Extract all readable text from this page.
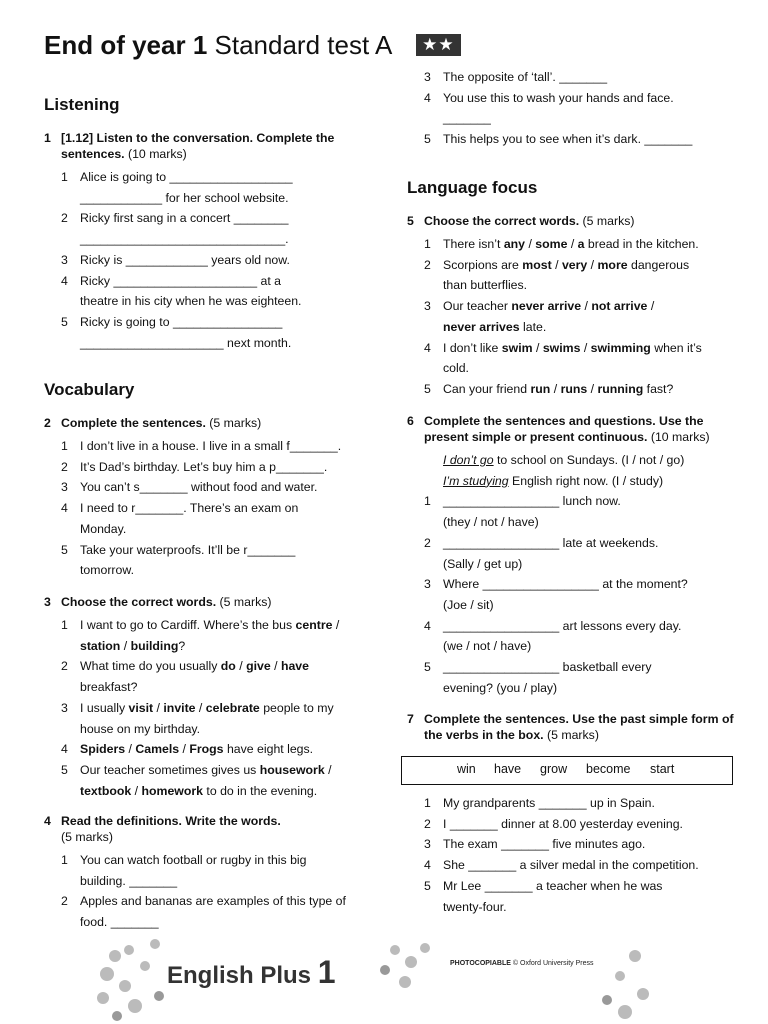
End of year 1 Standard test A ★★
Listening
1 [1.12] Listen to the conversation. Complete the sentences. (10 marks)
1 Alice is going to __________________
____________ for her school website.
2 Ricky first sang in a concert ________
______________________________.
3 Ricky is ____________ years old now.
4 Ricky _____________________ at a
theatre in his city when he was eighteen.
5 Ricky is going to ________________
_____________________ next month.
Vocabulary
2 Complete the sentences. (5 marks)
1 I don’t live in a house. I live in a small f_______.
2 It’s Dad’s birthday. Let’s buy him a p_______.
3 You can’t s_______ without food and water.
4 I need to r_______. There’s an exam on
Monday.
5 Take your waterproofs. It’ll be r_______
tomorrow.
3 Choose the correct words. (5 marks)
1 I want to go to Cardiff. Where’s the bus centre /
station / building?
2 What time do you usually do / give / have
breakfast?
3 I usually visit / invite / celebrate people to my
house on my birthday.
4 Spiders / Camels / Frogs have eight legs.
5 Our teacher sometimes gives us housework /
textbook / homework to do in the evening.
4 Read the definitions. Write the words.
(5 marks)
1 You can watch football or rugby in this big
building. _______
2 Apples and bananas are examples of this type of
food. _______
3 The opposite of ‘tall’. _______
4 You use this to wash your hands and face.
_______
5 This helps you to see when it’s dark. _______
Language focus
5 Choose the correct words. (5 marks)
1 There isn’t any / some / a bread in the kitchen.
2 Scorpions are most / very / more dangerous
than butterflies.
3 Our teacher never arrive / not arrive /
never arrives late.
4 I don’t like swim / swims / swimming when it’s
cold.
5 Can your friend run / runs / running fast?
6 Complete the sentences and questions. Use the present simple or present continuous. (10 marks)
I don’t go to school on Sundays. (I / not / go)
I’m studying English right now. (I / study)
1 _________________ lunch now.
(they / not / have)
2 _________________ late at weekends.
(Sally / get up)
3 Where _________________ at the moment?
(Joe / sit)
4 _________________ art lessons every day.
(we / not / have)
5 _________________ basketball every
evening? (you / play)
7 Complete the sentences. Use the past simple form of the verbs in the box. (5 marks)
win have grow become start
1 My grandparents _______ up in Spain.
2 I _______ dinner at 8.00 yesterday evening.
3 The exam _______ five minutes ago.
4 She _______ a silver medal in the competition.
5 Mr Lee _______ a teacher when he was
twenty-four.
English Plus 1	PHOTOCOPIABLE © Oxford University Press
